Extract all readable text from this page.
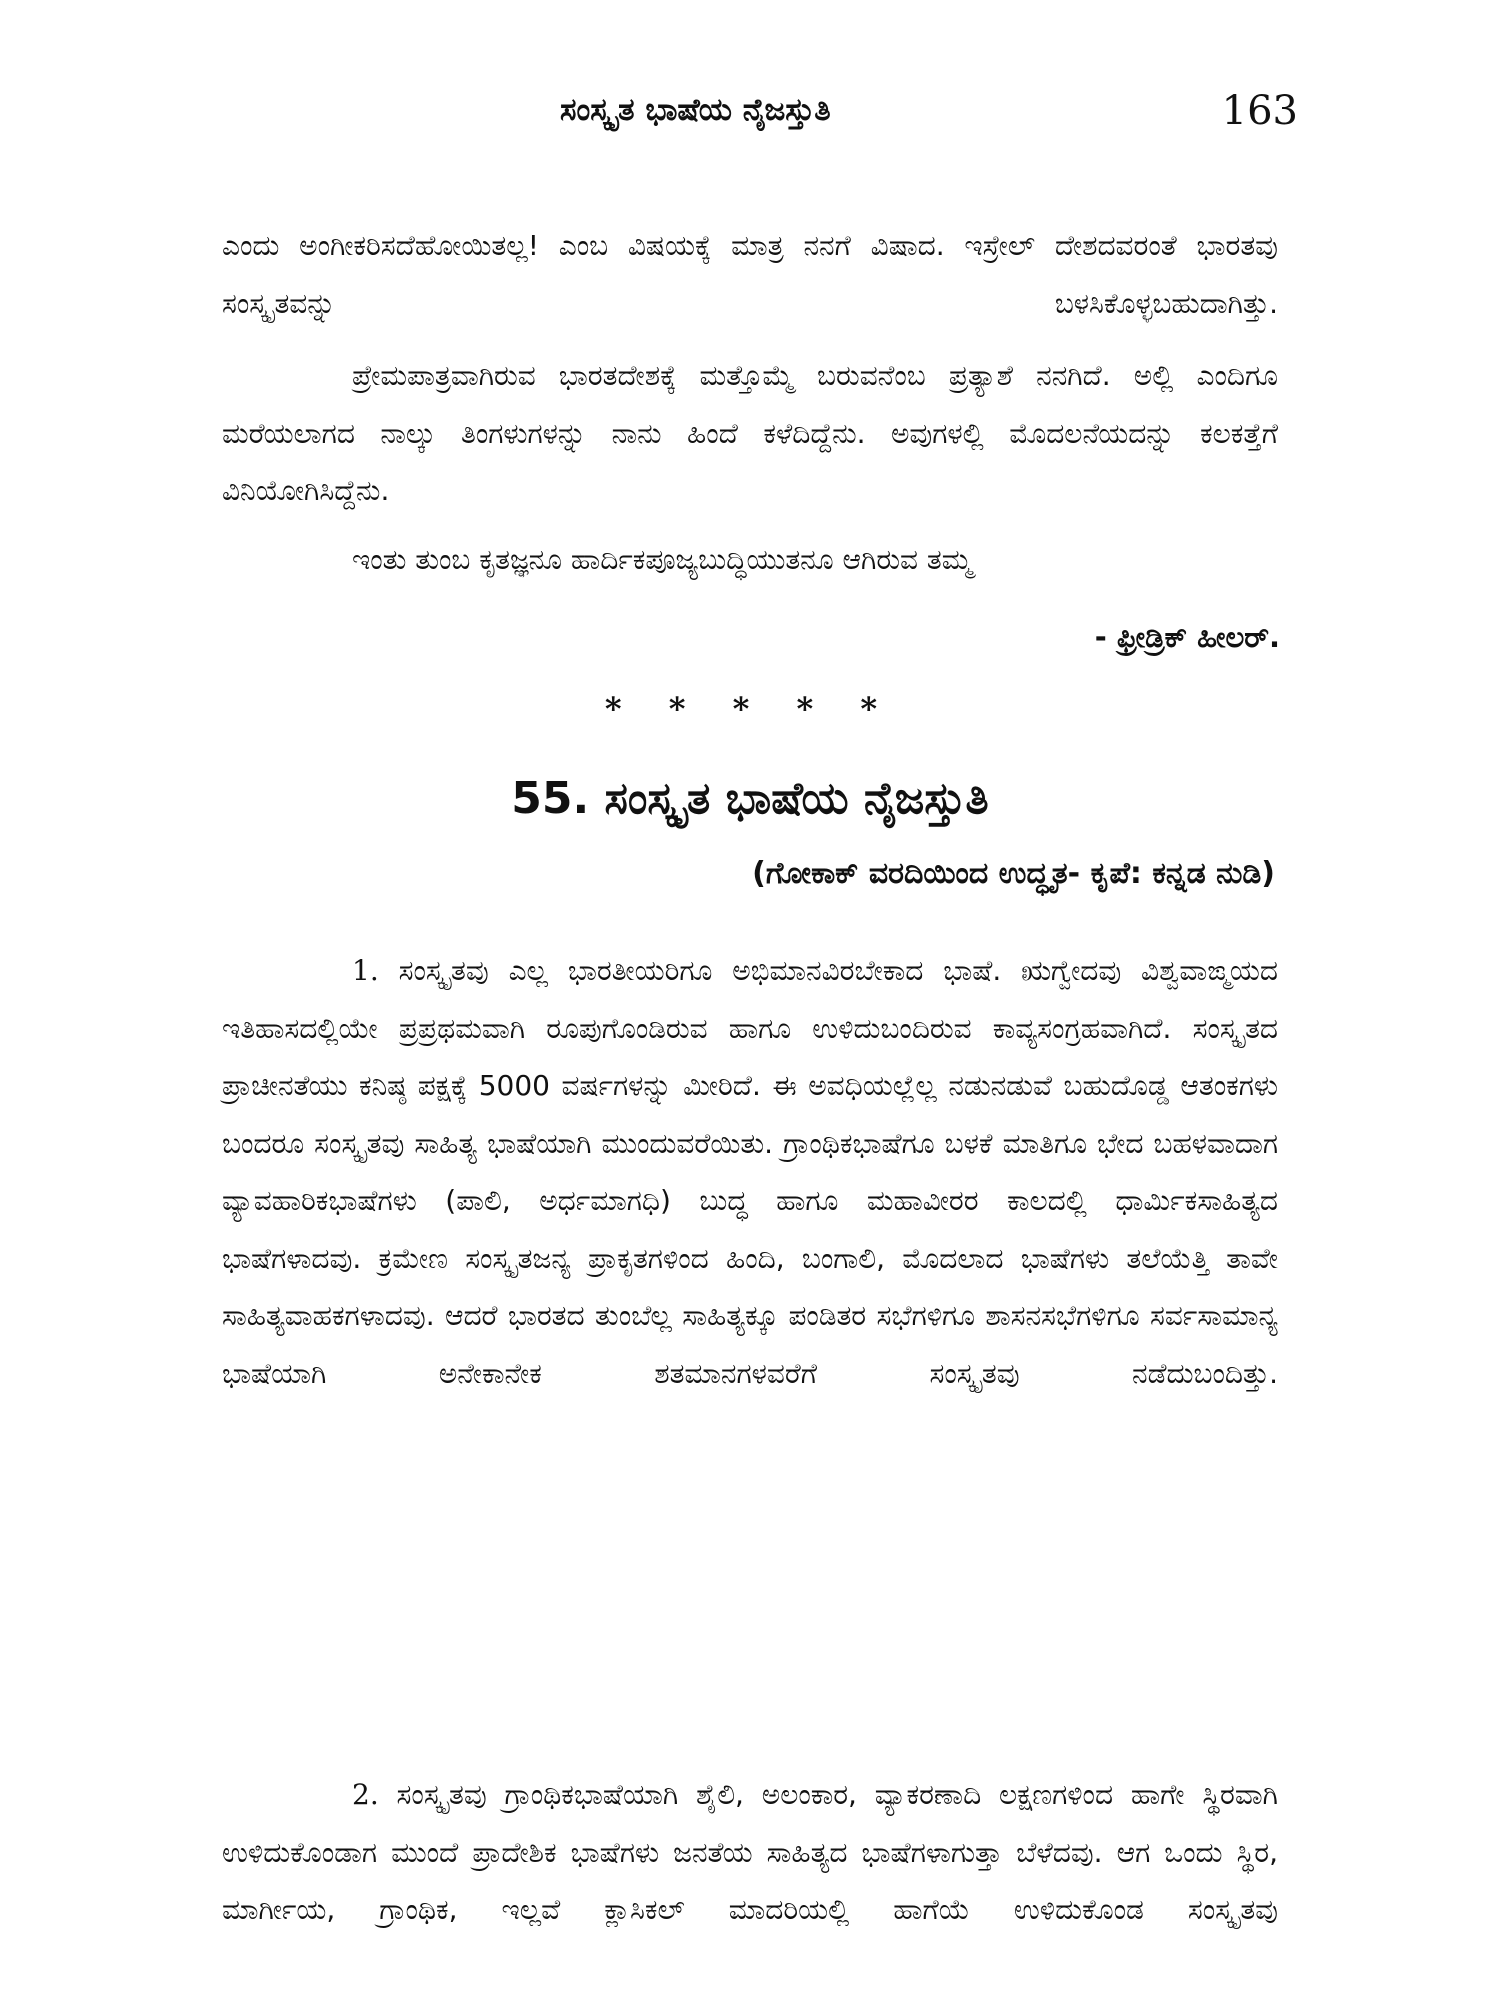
ಸಂಸ್ಕೃತ ಭಾಷೆಯ ನೈಜಸ್ತುತಿ	163

ಎಂದು ಅಂಗೀಕರಿಸದೆಹೋಯಿತಲ್ಲ! ಎಂಬ ವಿಷಯಕ್ಕೆ ಮಾತ್ರ ನನಗೆ ವಿಷಾದ. ಇಸ್ರೇಲ್ ದೇಶದವರಂತೆ ಭಾರತವು ಸಂಸ್ಕೃತವನ್ನು ಬಳಸಿಕೊಳ್ಳಬಹುದಾಗಿತ್ತು.

ಪ್ರೇಮಪಾತ್ರವಾಗಿರುವ ಭಾರತದೇಶಕ್ಕೆ ಮತ್ತೊಮ್ಮೆ ಬರುವನೆಂಬ ಪ್ರತ್ಯಾಶೆ ನನಗಿದೆ. ಅಲ್ಲಿ ಎಂದಿಗೂ ಮರೆಯಲಾಗದ ನಾಲ್ಕು ತಿಂಗಳುಗಳನ್ನು ನಾನು ಹಿಂದೆ ಕಳೆದಿದ್ದೆನು. ಅವುಗಳಲ್ಲಿ ಮೊದಲನೆಯದನ್ನು ಕಲಕತ್ತೆಗೆ ವಿನಿಯೋಗಿಸಿದ್ದೆನು.

ಇಂತು ತುಂಬ ಕೃತಜ್ಞನೂ ಹಾರ್ದಿಕಪೂಜ್ಯಬುದ್ಧಿಯುತನೂ ಆಗಿರುವ ತಮ್ಮ

- ಫ್ರೀಡ್ರಿಕ್ ಹೀಲರ್.
* * * * *
55. ಸಂಸ್ಕೃತ ಭಾಷೆಯ ನೈಜಸ್ತುತಿ
(ಗೋಕಾಕ್ ವರದಿಯಿಂದ ಉದ್ಧೃತ- ಕೃಪೆ: ಕನ್ನಡ ನುಡಿ)

1. ಸಂಸ್ಕೃತವು ಎಲ್ಲ ಭಾರತೀಯರಿಗೂ ಅಭಿಮಾನವಿರಬೇಕಾದ ಭಾಷೆ. ಋಗ್ವೇದವು ವಿಶ್ವವಾಙ್ಮಯದ ಇತಿಹಾಸದಲ್ಲಿಯೇ ಪ್ರಪ್ರಥಮವಾಗಿ ರೂಪುಗೊಂಡಿರುವ ಹಾಗೂ ಉಳಿದುಬಂದಿರುವ ಕಾವ್ಯಸಂಗ್ರಹವಾಗಿದೆ. ಸಂಸ್ಕೃತದ ಪ್ರಾಚೀನತೆಯು ಕನಿಷ್ಠ ಪಕ್ಷಕ್ಕೆ 5000 ವರ್ಷಗಳನ್ನು ಮೀರಿದೆ. ಈ ಅವಧಿಯಲ್ಲೆಲ್ಲ ನಡುನಡುವೆ ಬಹುದೊಡ್ಡ ಆತಂಕಗಳು ಬಂದರೂ ಸಂಸ್ಕೃತವು ಸಾಹಿತ್ಯ ಭಾಷೆಯಾಗಿ ಮುಂದುವರೆಯಿತು. ಗ್ರಾಂಥಿಕಭಾಷೆಗೂ ಬಳಕೆ ಮಾತಿಗೂ ಭೇದ ಬಹಳವಾದಾಗ ವ್ಯಾವಹಾರಿಕಭಾಷೆಗಳು (ಪಾಲಿ, ಅರ್ಧಮಾಗಧಿ) ಬುದ್ಧ ಹಾಗೂ ಮಹಾವೀರರ ಕಾಲದಲ್ಲಿ ಧಾರ್ಮಿಕಸಾಹಿತ್ಯದ ಭಾಷೆಗಳಾದವು. ಕ್ರಮೇಣ ಸಂಸ್ಕೃತಜನ್ಯ ಪ್ರಾಕೃತಗಳಿಂದ ಹಿಂದಿ, ಬಂಗಾಲಿ, ಮೊದಲಾದ ಭಾಷೆಗಳು ತಲೆಯೆತ್ತಿ ತಾವೇ ಸಾಹಿತ್ಯವಾಹಕಗಳಾದವು. ಆದರೆ ಭಾರತದ ತುಂಬೆಲ್ಲ ಸಾಹಿತ್ಯಕ್ಕೂ ಪಂಡಿತರ ಸಭೆಗಳಿಗೂ ಶಾಸನಸಭೆಗಳಿಗೂ ಸರ್ವಸಾಮಾನ್ಯ ಭಾಷೆಯಾಗಿ ಅನೇಕಾನೇಕ ಶತಮಾನಗಳವರೆಗೆ ಸಂಸ್ಕೃತವು ನಡೆದುಬಂದಿತ್ತು.

2. ಸಂಸ್ಕೃತವು ಗ್ರಾಂಥಿಕಭಾಷೆಯಾಗಿ ಶೈಲಿ, ಅಲಂಕಾರ, ವ್ಯಾಕರಣಾದಿ ಲಕ್ಷಣಗಳಿಂದ ಹಾಗೇ ಸ್ಥಿರವಾಗಿ ಉಳಿದುಕೊಂಡಾಗ ಮುಂದೆ ಪ್ರಾದೇಶಿಕ ಭಾಷೆಗಳು ಜನತೆಯ ಸಾಹಿತ್ಯದ ಭಾಷೆಗಳಾಗುತ್ತಾ ಬೆಳೆದವು. ಆಗ ಒಂದು ಸ್ಥಿರ, ಮಾರ್ಗೀಯ, ಗ್ರಾಂಥಿಕ, ಇಲ್ಲವೆ ಕ್ಲಾಸಿಕಲ್ ಮಾದರಿಯಲ್ಲಿ ಹಾಗೆಯೆ ಉಳಿದುಕೊಂಡ ಸಂಸ್ಕೃತವು
